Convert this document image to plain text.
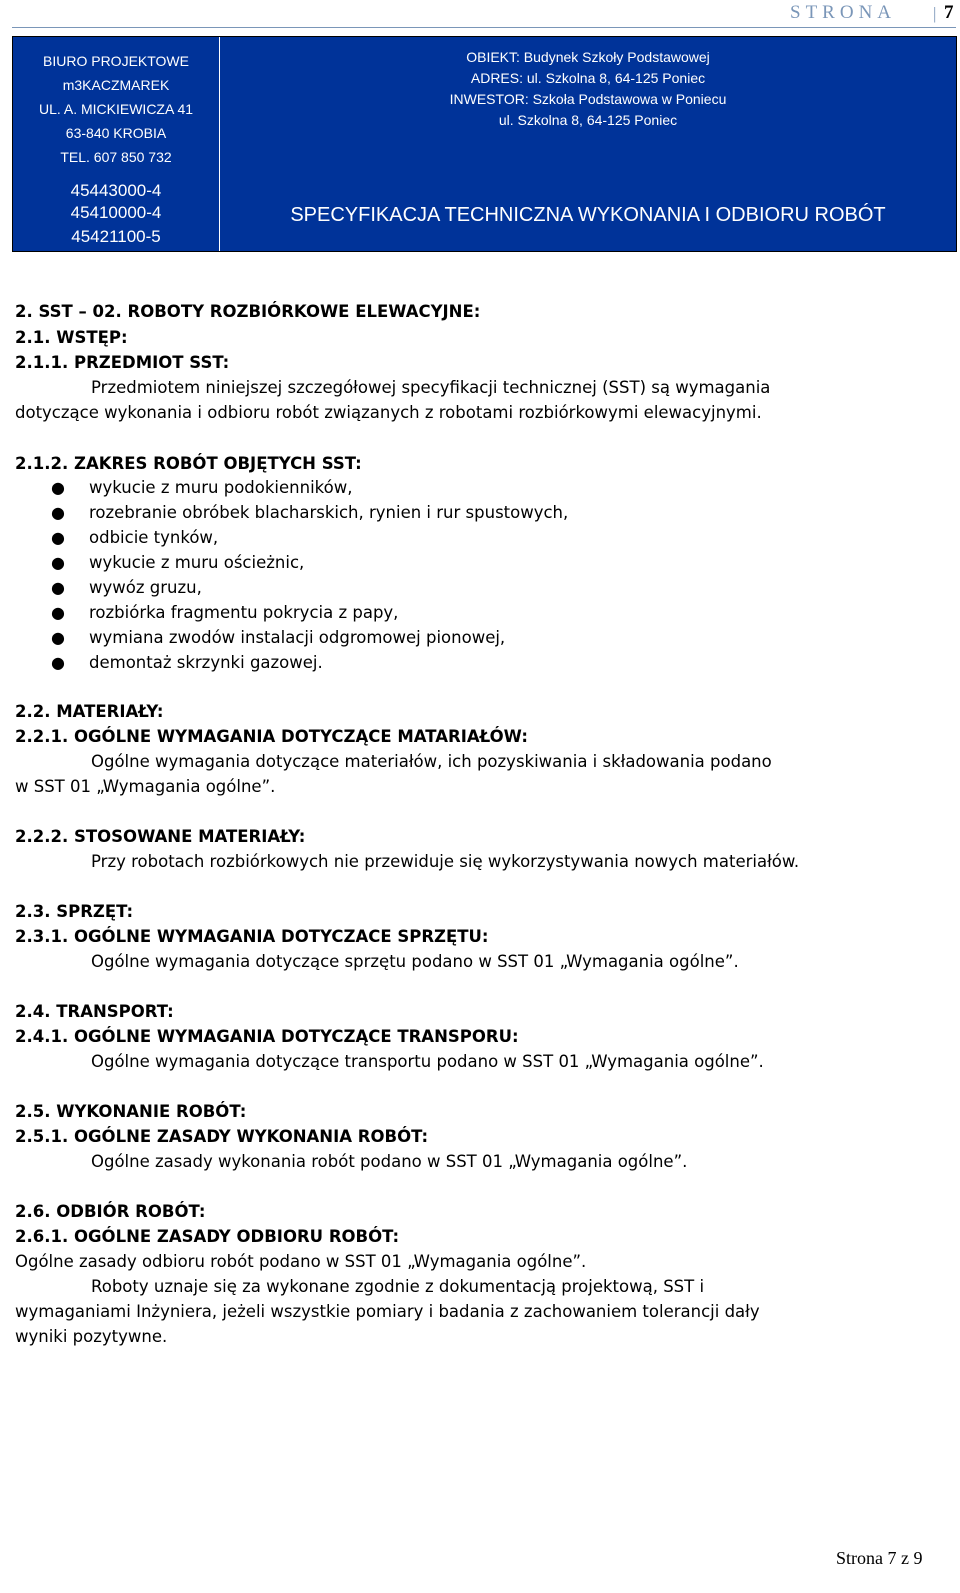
STRONA | 7
BIURO PROJEKTOWE
m3KACZMAREK
UL. A. MICKIEWICZA 41
63-840 KROBIA
TEL. 607 850 732
45443000-4
45410000-4
45421100-5
OBIEKT: Budynek Szkoły Podstawowej
ADRES: ul. Szkolna 8, 64-125 Poniec
INWESTOR: Szkoła Podstawowa w Poniecu
ul. Szkolna 8, 64-125 Poniec
SPECYFIKACJA TECHNICZNA WYKONANIA I ODBIORU ROBÓT
2. SST – 02. ROBOTY ROZBIÓRKOWE ELEWACYJNE:
2.1. WSTĘP:
2.1.1. PRZEDMIOT SST:
Przedmiotem niniejszej szczegółowej specyfikacji technicznej (SST) są wymagania
dotyczące wykonania i odbioru robót związanych z robotami rozbiórkowymi elewacyjnymi.
2.1.2. ZAKRES ROBÓT OBJĘTYCH SST:
● wykucie z muru podokienników,
● rozebranie obróbek blacharskich, rynien i rur spustowych,
● odbicie tynków,
● wykucie z muru ościeżnic,
● wywóz gruzu,
● rozbiórka fragmentu pokrycia z papy,
● wymiana zwodów instalacji odgromowej pionowej,
● demontaż skrzynki gazowej.
2.2. MATERIAŁY:
2.2.1. OGÓLNE WYMAGANIA DOTYCZĄCE MATARIAŁÓW:
Ogólne wymagania dotyczące materiałów, ich pozyskiwania i składowania podano
w SST 01 „Wymagania ogólne”.
2.2.2. STOSOWANE MATERIAŁY:
Przy robotach rozbiórkowych nie przewiduje się wykorzystywania nowych materiałów.
2.3. SPRZĘT:
2.3.1. OGÓLNE WYMAGANIA DOTYCZACE SPRZĘTU:
Ogólne wymagania dotyczące sprzętu podano w SST 01 „Wymagania ogólne”.
2.4. TRANSPORT:
2.4.1. OGÓLNE WYMAGANIA DOTYCZĄCE TRANSPORU:
Ogólne wymagania dotyczące transportu podano w SST 01 „Wymagania ogólne”.
2.5. WYKONANIE ROBÓT:
2.5.1. OGÓLNE ZASADY WYKONANIA ROBÓT:
Ogólne zasady wykonania robót podano w SST 01 „Wymagania ogólne”.
2.6. ODBIÓR ROBÓT:
2.6.1. OGÓLNE ZASADY ODBIORU ROBÓT:
Ogólne zasady odbioru robót podano w SST 01 „Wymagania ogólne”.
Roboty uznaje się za wykonane zgodnie z dokumentacją projektową, SST i
wymaganiami Inżyniera, jeżeli wszystkie pomiary i badania z zachowaniem tolerancji dały
wyniki pozytywne.
Strona 7 z 9
